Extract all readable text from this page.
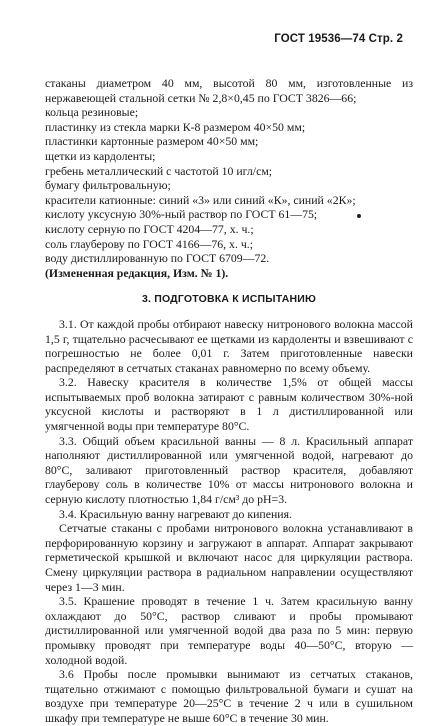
ГОСТ 19536—74 Стр. 2

стаканы диаметром 40 мм, высотой 80 мм, изготовленные из нержавеющей стальной сетки № 2,8×0,45 по ГОСТ 3826—66;

кольца резиновые;

пластинку из стекла марки К-8 размером 40×50 мм;

пластинки картонные размером 40×50 мм;

щетки из кардоленты;

гребень металлический с частотой 10 игл/см;

бумагу фильтровальную;

красители катионные: синий «3» или синий «К», синий «2К»;

кислоту уксусную 30%-ный раствор по ГОСТ 61—75;

кислоту серную по ГОСТ 4204—77, х. ч.;

соль глауберову по ГОСТ 4166—76, х. ч.;

воду дистиллированную по ГОСТ 6709—72.

(Измененная редакция, Изм. № 1).

3. ПОДГОТОВКА К ИСПЫТАНИЮ

3.1. От каждой пробы отбирают навеску нитронового волокна массой 1,5 г, тщательно расчесывают ее щетками из кардоленты и взвешивают с погрешностью не более 0,01 г. Затем приготовленные навески распределяют в сетчатых стаканах равномерно по всему объему.

3.2. Навеску красителя в количестве 1,5% от общей массы испытываемых проб волокна затирают с равным количеством 30%-ной уксусной кислоты и растворяют в 1 л дистиллированной или умягченной воды при температуре 80°С.

3.3. Общий объем красильной ванны — 8 л. Красильный аппарат наполняют дистиллированной или умягченной водой, нагревают до 80°С, заливают приготовленный раствор красителя, добавляют глауберову соль в количестве 10% от массы нитронового волокна и серную кислоту плотностью 1,84 г/см³ до pH=3.

3.4. Красильную ванну нагревают до кипения.

Сетчатые стаканы с пробами нитронового волокна устанавливают в перфорированную корзину и загружают в аппарат. Аппарат закрывают герметической крышкой и включают насос для циркуляции раствора. Смену циркуляции раствора в радиальном направлении осуществляют через 1—3 мин.

3.5. Крашение проводят в течение 1 ч. Затем красильную ванну охлаждают до 50°С, раствор сливают и пробы промывают дистиллированной или умягченной водой два раза по 5 мин: первую промывку проводят при температуре воды 40—50°С, вторую — холодной водой.

3.6 Пробы после промывки вынимают из сетчатых стаканов, тщательно отжимают с помощью фильтровальной бумаги и сушат на воздухе при температуре 20—25°С в течение 2 ч или в сушильном шкафу при температуре не выше 60°С в течение 30 мин.
